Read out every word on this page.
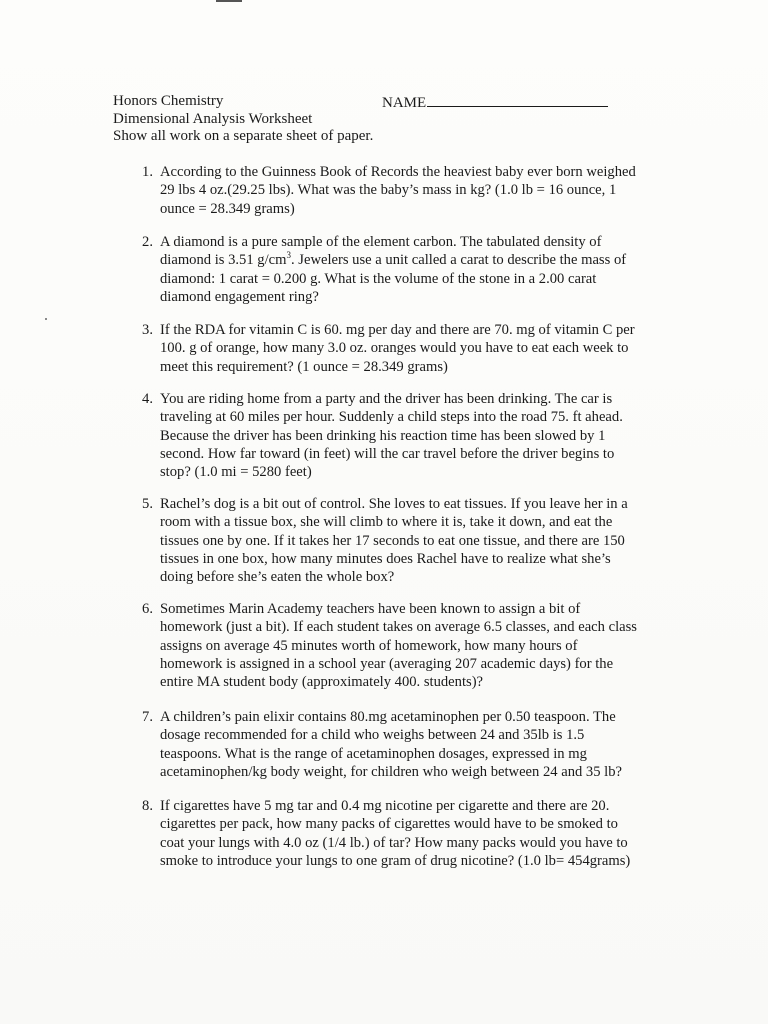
Honors Chemistry
Dimensional Analysis Worksheet
Show all work on a separate sheet of paper.
NAME
1. According to the Guinness Book of Records the heaviest baby ever born weighed
29 lbs 4 oz.(29.25 lbs). What was the baby’s mass in kg? (1.0 lb = 16 ounce, 1
ounce = 28.349 grams)
2. A diamond is a pure sample of the element carbon. The tabulated density of
diamond is 3.51 $g/cm^3$. Jewelers use a unit called a carat to describe the mass of
diamond: 1 carat = 0.200 g. What is the volume of the stone in a 2.00 carat
diamond engagement ring?
3. If the RDA for vitamin C is 60. mg per day and there are 70. mg of vitamin C per
100. g of orange, how many 3.0 oz. oranges would you have to eat each week to
meet this requirement? (1 ounce = 28.349 grams)
4. You are riding home from a party and the driver has been drinking. The car is
traveling at 60 miles per hour. Suddenly a child steps into the road 75. ft ahead.
Because the driver has been drinking his reaction time has been slowed by 1
second. How far toward (in feet) will the car travel before the driver begins to
stop? (1.0 mi = 5280 feet)
5. Rachel’s dog is a bit out of control. She loves to eat tissues. If you leave her in a
room with a tissue box, she will climb to where it is, take it down, and eat the
tissues one by one. If it takes her 17 seconds to eat one tissue, and there are 150
tissues in one box, how many minutes does Rachel have to realize what she’s
doing before she’s eaten the whole box?
6. Sometimes Marin Academy teachers have been known to assign a bit of
homework (just a bit). If each student takes on average 6.5 classes, and each class
assigns on average 45 minutes worth of homework, how many hours of
homework is assigned in a school year (averaging 207 academic days) for the
entire MA student body (approximately 400. students)?
7. A children’s pain elixir contains 80.mg acetaminophen per 0.50 teaspoon. The
dosage recommended for a child who weighs between 24 and 35lb is 1.5
teaspoons. What is the range of acetaminophen dosages, expressed in mg
acetaminophen/kg body weight, for children who weigh between 24 and 35 lb?
8. If cigarettes have 5 mg tar and 0.4 mg nicotine per cigarette and there are 20.
cigarettes per pack, how many packs of cigarettes would have to be smoked to
coat your lungs with 4.0 oz (1/4 lb.) of tar? How many packs would you have to
smoke to introduce your lungs to one gram of drug nicotine? (1.0 lb= 454grams)
